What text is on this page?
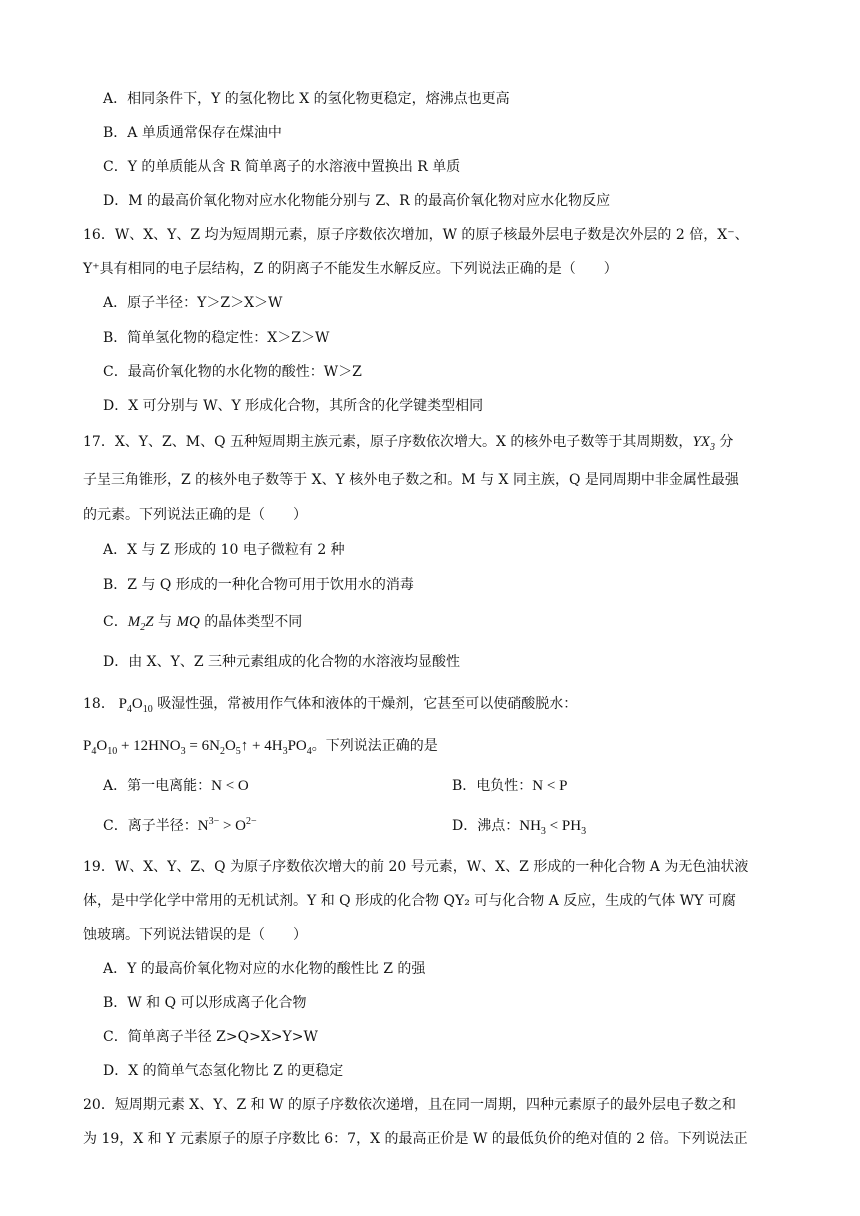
A．相同条件下，Y 的氢化物比 X 的氢化物更稳定，熔沸点也更高
B．A 单质通常保存在煤油中
C．Y 的单质能从含 R 简单离子的水溶液中置换出 R 单质
D．M 的最高价氧化物对应水化物能分别与 Z、R 的最高价氧化物对应水化物反应
16．W、X、Y、Z 均为短周期元素，原子序数依次增加，W 的原子核最外层电子数是次外层的 2 倍，X⁻、
Y⁺具有相同的电子层结构，Z 的阴离子不能发生水解反应。下列说法正确的是（　　）
A．原子半径：Y＞Z＞X＞W
B．简单氢化物的稳定性：X＞Z＞W
C．最高价氧化物的水化物的酸性：W＞Z
D．X 可分别与 W、Y 形成化合物，其所含的化学键类型相同
17．X、Y、Z、M、Q 五种短周期主族元素，原子序数依次增大。X 的核外电子数等于其周期数，$YX_3$ 分
子呈三角锥形，Z 的核外电子数等于 X、Y 核外电子数之和。M 与 X 同主族，Q 是同周期中非金属性最强
的元素。下列说法正确的是（　　）
A．X 与 Z 形成的 10 电子微粒有 2 种
B．Z 与 Q 形成的一种化合物可用于饮用水的消毒
C．$M_2Z$ 与 MQ 的晶体类型不同
D．由 X、Y、Z 三种元素组成的化合物的水溶液均显酸性
18． $P_4O_{10}$ 吸湿性强，常被用作气体和液体的干燥剂，它甚至可以使硝酸脱水：
$P_4O_{10} + 12HNO_3$ = $6N_2O_5↑ + 4H_3PO_4$。下列说法正确的是
A．第一电离能：N < O	B．电负性：N < P
C．离子半径：$N^{3-} > O^{2-}$	D．沸点：$NH_3 < PH_3$
19．W、X、Y、Z、Q 为原子序数依次增大的前 20 号元素，W、X、Z 形成的一种化合物 A 为无色油状液
体，是中学化学中常用的无机试剂。Y 和 Q 形成的化合物 QY₂ 可与化合物 A 反应，生成的气体 WY 可腐
蚀玻璃。下列说法错误的是（　　）
A．Y 的最高价氧化物对应的水化物的酸性比 Z 的强
B．W 和 Q 可以形成离子化合物
C．简单离子半径 Z>Q>X>Y>W
D．X 的简单气态氢化物比 Z 的更稳定
20．短周期元素 X、Y、Z 和 W 的原子序数依次递增，且在同一周期，四种元素原子的最外层电子数之和
为 19，X 和 Y 元素原子的原子序数比 6：7，X 的最高正价是 W 的最低负价的绝对值的 2 倍。下列说法正
